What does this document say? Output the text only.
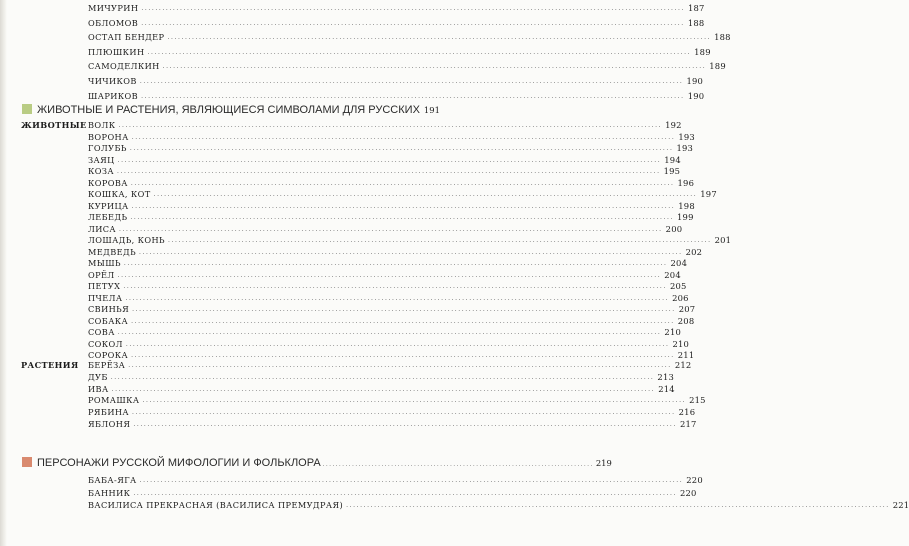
МИЧУРИН .....	187
ОБЛОМОВ .....	188
ОСТАП БЕНДЕР .....	188
ПЛЮШКИН .....	189
САМОДЕЛКИН .....	189
ЧИЧИКОВ .....	190
ШАРИКОВ .....	190
ЖИВОТНЫЕ И РАСТЕНИЯ, ЯВЛЯЮЩИЕСЯ СИМВОЛАМИ ДЛЯ РУССКИХ 191
ЖИВОТНЫЕ ВОЛК .....	192
ВОРОНА .....	193
ГОЛУБЬ .....	193
ЗАЯЦ .....	194
КОЗА .....	195
КОРОВА .....	196
КОШКА, КОТ .....	197
КУРИЦА .....	198
ЛЕБЕДЬ .....	199
ЛИСА .....	200
ЛОШАДЬ, КОНЬ .....	201
МЕДВЕДЬ .....	202
МЫШЬ .....	204
ОРЁЛ .....	204
ПЕТУХ .....	205
ПЧЕЛА .....	206
СВИНЬЯ .....	207
СОБАКА .....	208
СОВА .....	210
СОКОЛ .....	210
СОРОКА .....	211
РАСТЕНИЯ БЕРЁЗА .....	212
ДУБ .....	213
ИВА .....	214
РОМАШКА .....	215
РЯБИНА .....	216
ЯБЛОНЯ .....	217
ПЕРСОНАЖИ РУССКОЙ МИФОЛОГИИ И ФОЛЬКЛОРА .....	219
БАБА-ЯГА .....	220
БАННИК .....	220
ВАСИЛИСА ПРЕКРАСНАЯ (ВАСИЛИСА ПРЕМУДРАЯ) .....	221
